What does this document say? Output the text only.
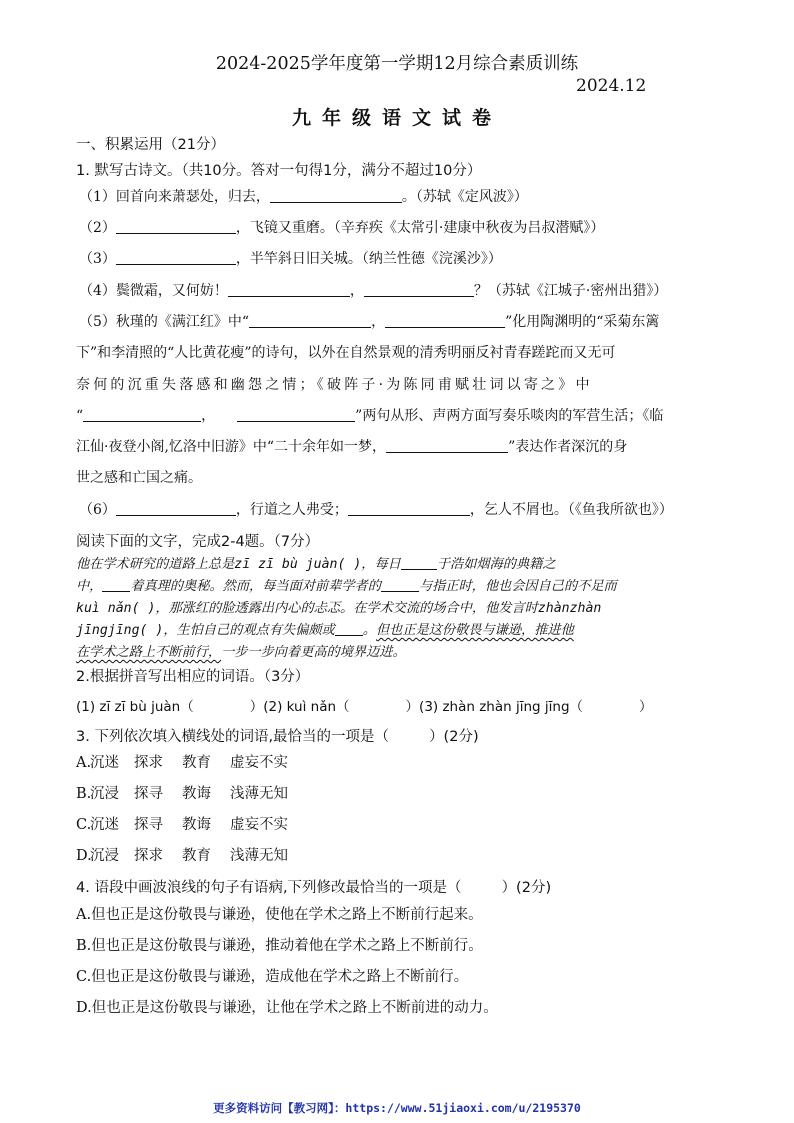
2024-2025学年度第一学期12月综合素质训练
2024.12
九年级语文试卷
一、积累运用（21分）
1. 默写古诗文。（共10分。答对一句得1分，满分不超过10分）
（1）回首向来萧瑟处，归去，	。（苏轼《定风波》）
（2）	，飞镜又重磨。（辛弃疾《太常引·建康中秋夜为吕叔潜赋》）
（3）	，半竿斜日旧关城。（纳兰性德《浣溪沙》）
（4）鬓微霜，又何妨！	，	？（苏轼《江城子·密州出猎》）
（5）秋瑾的《满江红》中“	，	”化用陶渊明的“采菊东篱
下”和李清照的“人比黄花瘦”的诗句，以外在自然景观的清秀明丽反衬青春蹉跎而又无可
奈何的沉重失落感和幽怨之情；《破阵子·为陈同甫赋壮词以寄之》中
“	，	”两句从形、声两方面写奏乐啖肉的军营生活；《临
江仙·夜登小阁,忆洛中旧游》中“二十余年如一梦，	”表达作者深沉的身
世之感和亡国之痛。
（6）	，行道之人弗受；	，乞人不屑也。（《鱼我所欲也》）
阅读下面的文字，完成2-4题。（7分）
他在学术研究的道路上总是zī zī bù juàn( )，每日	于浩如烟海的典籍之
中， 着真理的奥秘。然而，每当面对前辈学者的	与指正时，他也会因自己的不足而
kuì nǎn( )，那涨红的脸透露出内心的忐忑。在学术交流的场合中，他发言时zhànzhàn
jīngjīng( )，生怕自己的观点有失偏颇或 。但也正是这份敬畏与谦逊，推进他
在学术之路上不断前行，一步一步向着更高的境界迈进。
2.根据拼音写出相应的词语。（3分）
(1) zī zī bù juàn（	）(2) kuì nǎn（	）(3) zhàn zhàn jīng jīng（	）
3. 下列依次填入横线处的词语,最恰当的一项是（	）(2分)
A.沉迷 探求 教育 虚妄不实
B.沉浸 探寻 教诲 浅薄无知
C.沉迷 探寻 教诲 虚妄不实
D.沉浸 探求 教育 浅薄无知
4. 语段中画波浪线的句子有语病,下列修改最恰当的一项是（	）(2分)
A.但也正是这份敬畏与谦逊，使他在学术之路上不断前行起来。
B.但也正是这份敬畏与谦逊，推动着他在学术之路上不断前行。
C.但也正是这份敬畏与谦逊，造成他在学术之路上不断前行。
D.但也正是这份敬畏与谦逊，让他在学术之路上不断前进的动力。
更多资料访问【教习网】：https://www.51jiaoxi.com/u/2195370
